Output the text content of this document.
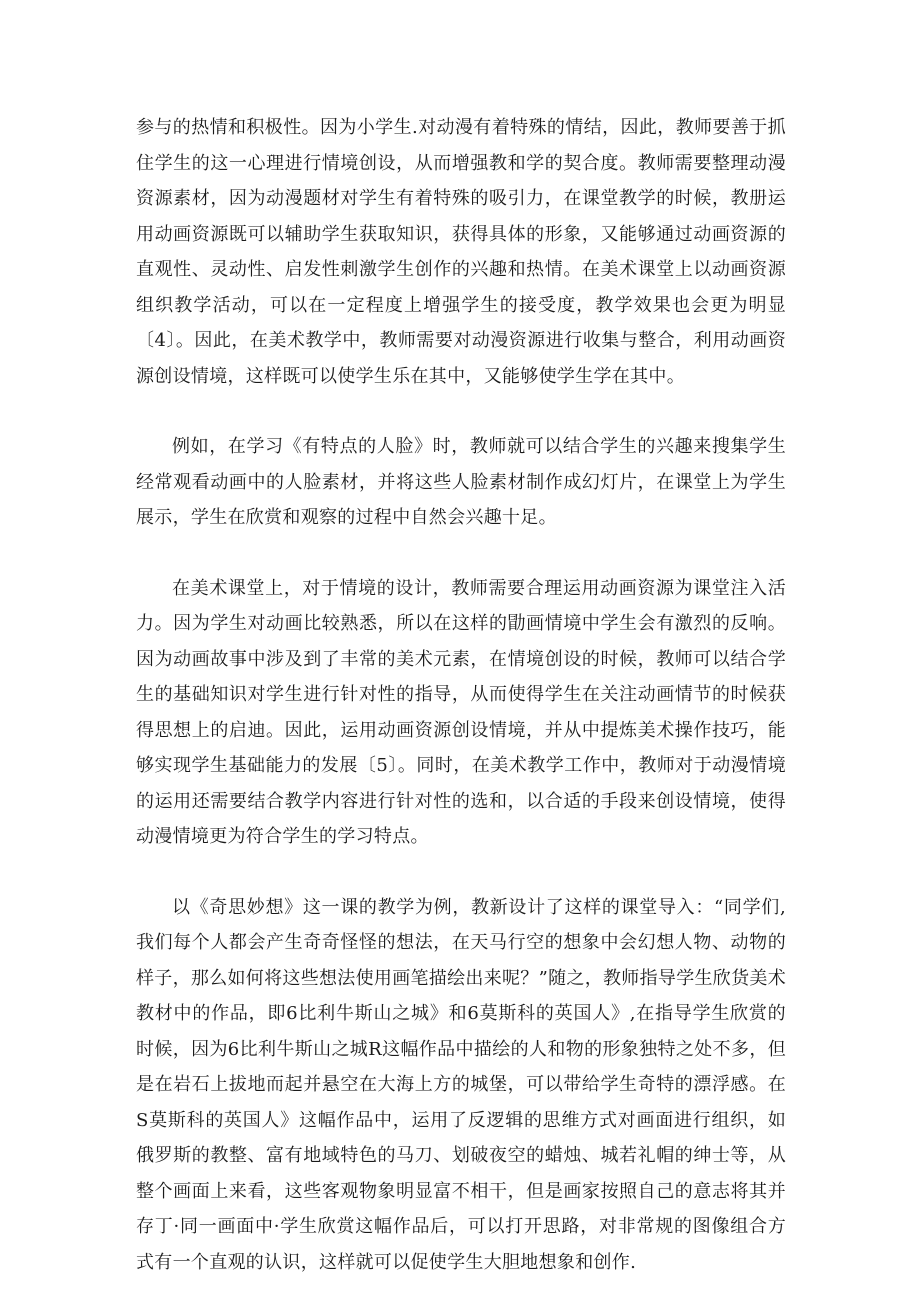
参与的热情和积极性。因为小学生.对动漫有着特殊的情结，因此，教师要善于抓住学生的这一心理进行情境创设，从而增强教和学的契合度。教师需要整理动漫资源素材，因为动漫题材对学生有着特殊的吸引力，在课堂教学的时候，教册运用动画资源既可以辅助学生获取知识，获得具体的形象，又能够通过动画资源的直观性、灵动性、启发性刺激学生创作的兴趣和热情。在美术课堂上以动画资源组织教学活动，可以在一定程度上增强学生的接受度，教学效果也会更为明显〔4〕。因此，在美术教学中，教师需要对动漫资源进行收集与整合，利用动画资源创设情境，这样既可以使学生乐在其中，又能够使学生学在其中。

例如，在学习《有特点的人脸》时，教师就可以结合学生的兴趣来搜集学生经常观看动画中的人脸素材，并将这些人脸素材制作成幻灯片，在课堂上为学生展示，学生在欣赏和观察的过程中自然会兴趣十足。

在美术课堂上，对于情境的设计，教师需要合理运用动画资源为课堂注入活力。因为学生对动画比较熟悉，所以在这样的勖画情境中学生会有激烈的反响。因为动画故事中涉及到了丰常的美术元素，在情境创设的时候，教师可以结合学生的基础知识对学生进行针对性的指导，从而使得学生在关注动画情节的时候获得思想上的启迪。因此，运用动画资源创设情境，并从中提炼美术操作技巧，能够实现学生基础能力的发展〔5〕。同时，在美术教学工作中，教师对于动漫情境的运用还需要结合教学内容进行针对性的选和，以合适的手段来创设情境，使得动漫情境更为符合学生的学习特点。

以《奇思妙想》这一课的教学为例，教新设计了这样的课堂导入：“同学们,我们每个人都会产生奇奇怪怪的想法，在天马行空的想象中会幻想人物、动物的样子，那么如何将这些想法使用画笔描绘出来呢？”随之，教师指导学生欣货美术教材中的作品，即6比利牛斯山之城》和6莫斯科的英国人》,在指导学生欣赏的时候，因为6比利牛斯山之城R这幅作品中描绘的人和物的形象独特之处不多，但是在岩石上拔地而起并悬空在大海上方的城堡，可以带给学生奇特的漂浮感。在S莫斯科的英国人》这幅作品中，运用了反逻辑的思维方式对画面进行组织，如俄罗斯的教整、富有地域特色的马刀、划破夜空的蜡烛、城若礼帽的绅士等，从整个画面上来看，这些客观物象明显富不相干，但是画家按照自己的意志将其并存丁·同一画面中·学生欣赏这幅作品后，可以打开思路，对非常规的图像组合方式有一个直观的认识，这样就可以促使学生大胆地想象和创作.
